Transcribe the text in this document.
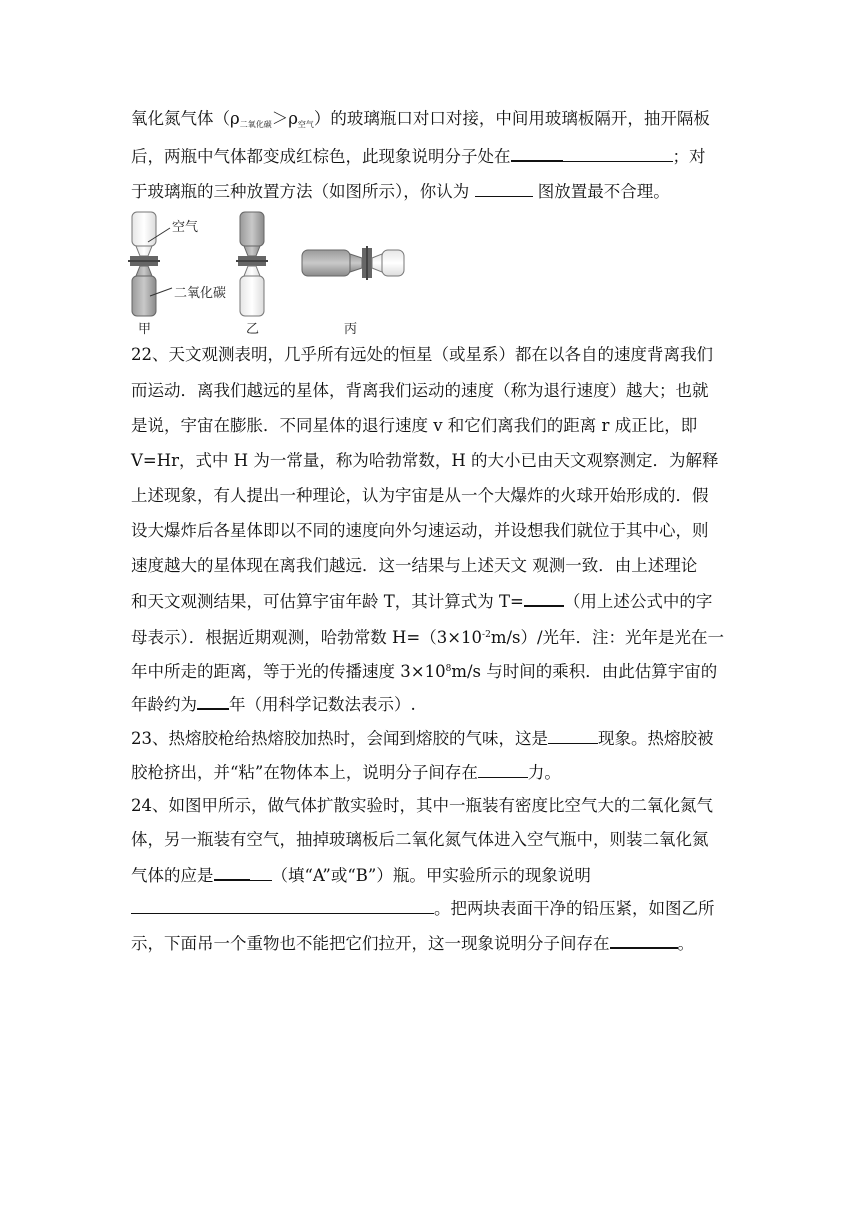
氧化氮气体$(\rho_{二氧化碳}>\rho_{空气})$的玻璃瓶口对口对接，中间用玻璃板隔开，抽开隔板
后，两瓶中气体都变成红棕色，此现象说明分子处在	；对
于玻璃瓶的三种放置方法（如图所示），你认为	图放置最不合理。
空气
二氧化碳
甲	乙	丙
22、天文观测表明，几乎所有远处的恒星（或星系）都在以各自的速度背离我们
而运动．离我们越远的星体，背离我们运动的速度（称为退行速度）越大；也就
是说，宇宙在膨胀．不同星体的退行速度 v 和它们离我们的距离 r 成正比，即
V=Hr，式中 H 为一常量，称为哈勃常数，H 的大小已由天文观察测定．为解释
上述现象，有人提出一种理论，认为宇宙是从一个大爆炸的火球开始形成的．假
设大爆炸后各星体即以不同的速度向外匀速运动，并设想我们就位于其中心，则
速度越大的星体现在离我们越远．这一结果与上述天文 观测一致．由上述理论
和天文观测结果，可估算宇宙年龄 T，其计算式为 T= （用上述公式中的字
母表示）．根据近期观测，哈勃常数 $H=(3\times 10^{-2}m/s)/$光年．注：光年是光在一
年中所走的距离，等于光的传播速度 $3\times 10^8m/s$ 与时间的乘积．由此估算宇宙的
年龄约为 年（用科学记数法表示）.
23、热熔胶枪给热熔胶加热时，会闻到熔胶的气味，这是	现象。热熔胶被
胶枪挤出，并“粘”在物体本上，说明分子间存在	力。
24、如图甲所示，做气体扩散实验时，其中一瓶装有密度比空气大的二氧化氮气
体，另一瓶装有空气，抽掉玻璃板后二氧化氮气体进入空气瓶中，则装二氧化氮
气体的应是	（填“A”或“B”）瓶。甲实验所示的现象说明
。把两块表面干净的铅压紧，如图乙所
示，下面吊一个重物也不能把它们拉开，这一现象说明分子间存在	。
